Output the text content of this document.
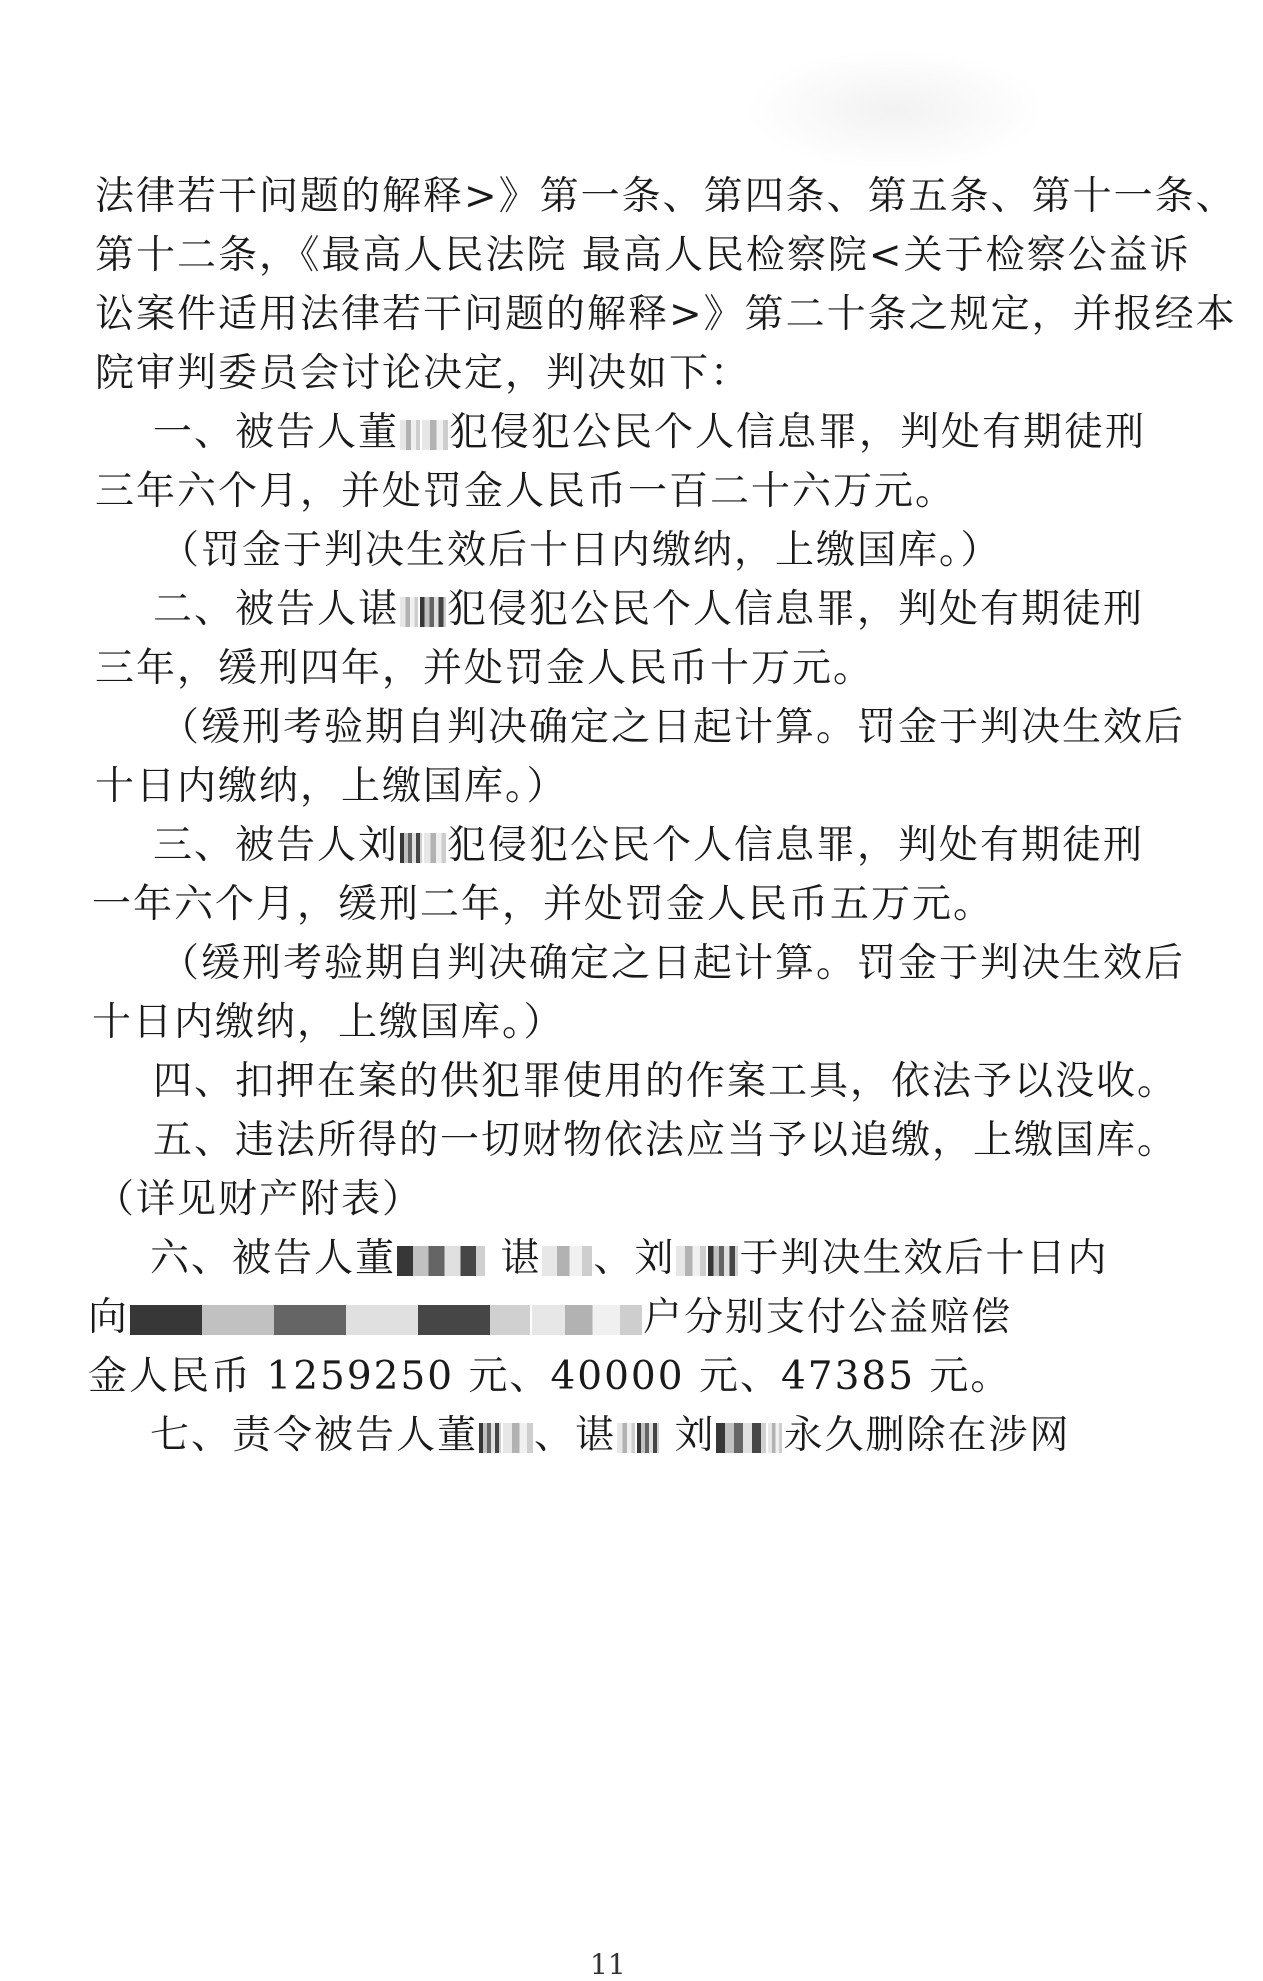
法律若干问题的解释>》第一条、第四条、第五条、第十一条、
第十二条，《最高人民法院 最高人民检察院<关于检察公益诉
讼案件适用法律若干问题的解释>》第二十条之规定，并报经本
院审判委员会讨论决定，判决如下：
一、被告人董 犯侵犯公民个人信息罪，判处有期徒刑
三年六个月，并处罚金人民币一百二十六万元。
（罚金于判决生效后十日内缴纳，上缴国库。）
二、被告人谌 犯侵犯公民个人信息罪，判处有期徒刑
三年，缓刑四年，并处罚金人民币十万元。
（缓刑考验期自判决确定之日起计算。罚金于判决生效后
十日内缴纳，上缴国库。）
三、被告人刘 犯侵犯公民个人信息罪，判处有期徒刑
一年六个月，缓刑二年，并处罚金人民币五万元。
（缓刑考验期自判决确定之日起计算。罚金于判决生效后
十日内缴纳，上缴国库。）
四、扣押在案的供犯罪使用的作案工具，依法予以没收。
五、违法所得的一切财物依法应当予以追缴，上缴国库。
（详见财产附表）
六、被告人董	谌 、刘 于判决生效后十日内
向	户分别支付公益赔偿
金人民币 1259250 元、40000 元、47385 元。
七、责令被告人董 、谌 刘 永久删除在涉网
11
